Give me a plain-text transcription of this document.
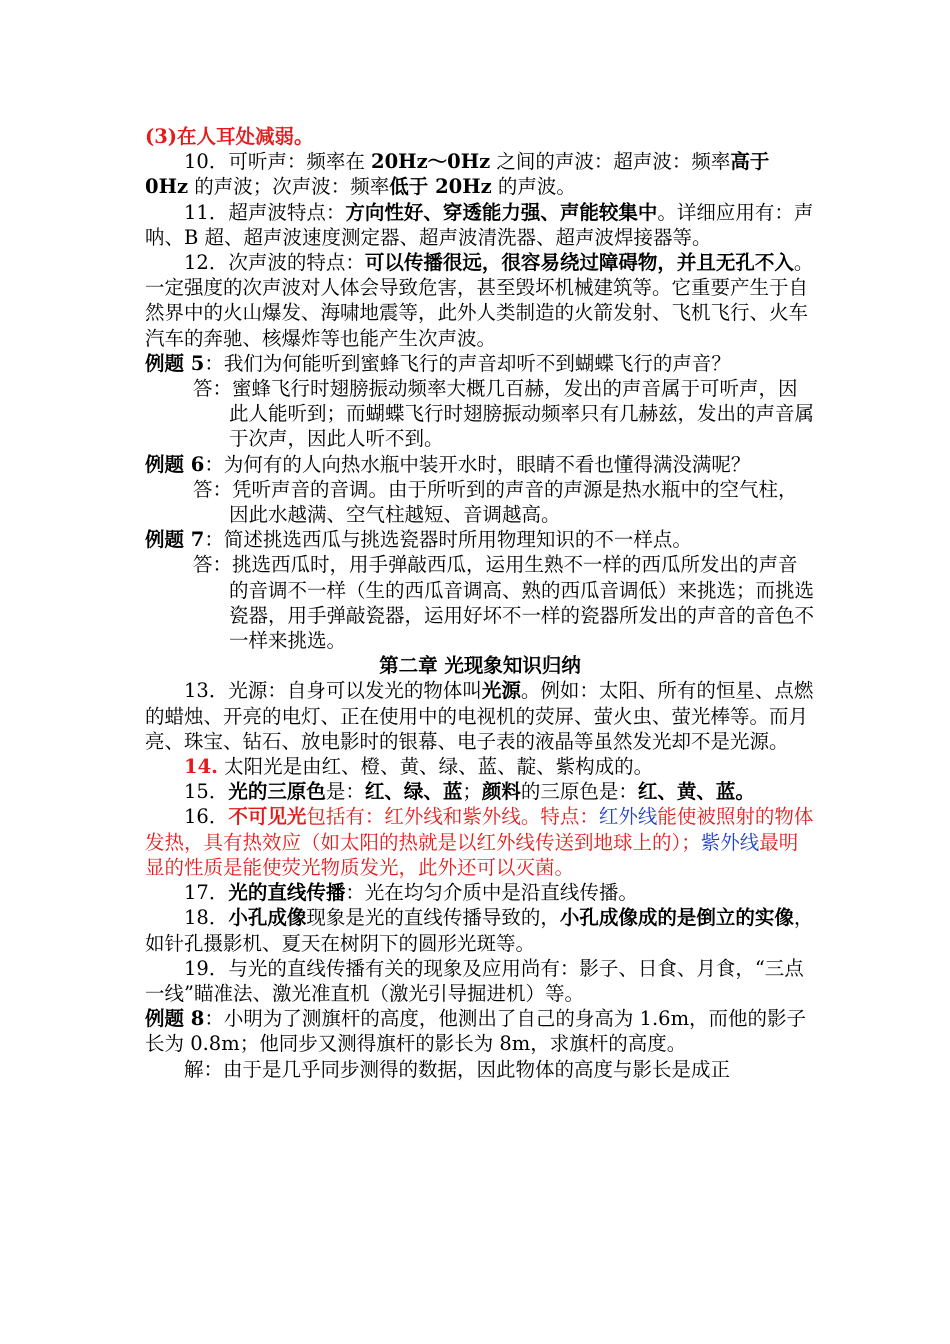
(3)在人耳处减弱。

10．可听声：频率在 20Hz～0Hz 之间的声波：超声波：频率高于 0Hz 的声波；次声波：频率低于 20Hz 的声波。

11．超声波特点：方向性好、穿透能力强、声能较集中。详细应用有：声呐、B 超、超声波速度测定器、超声波清洗器、超声波焊接器等。

12．次声波的特点：可以传播很远，很容易绕过障碍物，并且无孔不入。一定强度的次声波对人体会导致危害，甚至毁坏机械建筑等。它重要产生于自然界中的火山爆发、海啸地震等，此外人类制造的火箭发射、飞机飞行、火车汽车的奔驰、核爆炸等也能产生次声波。

例题 5：我们为何能听到蜜蜂飞行的声音却听不到蝴蝶飞行的声音？

答：蜜蜂飞行时翅膀振动频率大概几百赫，发出的声音属于可听声，因此人能听到；而蝴蝶飞行时翅膀振动频率只有几赫兹，发出的声音属于次声，因此人听不到。

例题 6：为何有的人向热水瓶中装开水时，眼睛不看也懂得满没满呢？

答：凭听声音的音调。由于所听到的声音的声源是热水瓶中的空气柱，因此水越满、空气柱越短、音调越高。

例题 7：简述挑选西瓜与挑选瓷器时所用物理知识的不一样点。

答：挑选西瓜时，用手弹敲西瓜，运用生熟不一样的西瓜所发出的声音的音调不一样（生的西瓜音调高、熟的西瓜音调低）来挑选；而挑选瓷器，用手弹敲瓷器，运用好坏不一样的瓷器所发出的声音的音色不一样来挑选。

第二章 光现象知识归纳

13．光源：自身可以发光的物体叫光源。例如：太阳、所有的恒星、点燃的蜡烛、开亮的电灯、正在使用中的电视机的荧屏、萤火虫、萤光棒等。而月亮、珠宝、钻石、放电影时的银幕、电子表的液晶等虽然发光却不是光源。

14. 太阳光是由红、橙、黄、绿、蓝、靛、紫构成的。

15．光的三原色是：红、绿、蓝；颜料的三原色是：红、黄、蓝。

16．不可见光包括有：红外线和紫外线。特点：红外线能使被照射的物体发热，具有热效应（如太阳的热就是以红外线传送到地球上的）；紫外线最明显的性质是能使荧光物质发光，此外还可以灭菌。

17．光的直线传播：光在均匀介质中是沿直线传播。

18．小孔成像现象是光的直线传播导致的，小孔成像成的是倒立的实像，如针孔摄影机、夏天在树阴下的圆形光斑等。

19．与光的直线传播有关的现象及应用尚有：影子、日食、月食，“三点一线”瞄准法、激光准直机（激光引导掘进机）等。

例题 8：小明为了测旗杆的高度，他测出了自己的身高为 1.6m，而他的影子长为 0.8m；他同步又测得旗杆的影长为 8m，求旗杆的高度。

解：由于是几乎同步测得的数据，因此物体的高度与影长是成正
